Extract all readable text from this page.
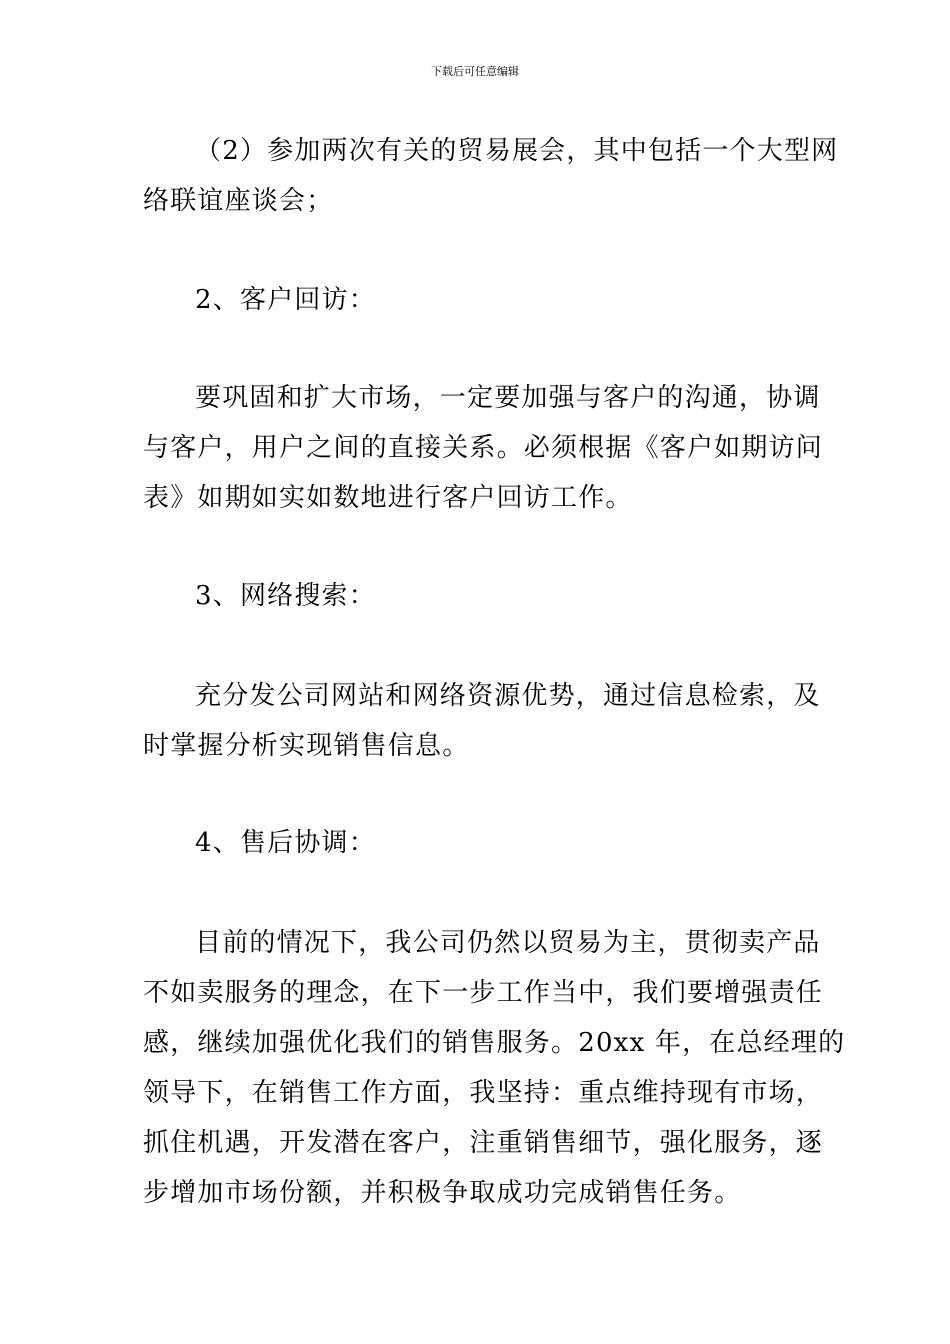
下载后可任意编辑
（2）参加两次有关的贸易展会，其中包括一个大型网
络联谊座谈会；
2、客户回访：
要巩固和扩大市场，一定要加强与客户的沟通，协调
与客户，用户之间的直接关系。必须根据《客户如期访问
表》如期如实如数地进行客户回访工作。
3、网络搜索：
充分发公司网站和网络资源优势，通过信息检索，及
时掌握分析实现销售信息。
4、售后协调：
目前的情况下，我公司仍然以贸易为主，贯彻卖产品
不如卖服务的理念，在下一步工作当中，我们要增强责任
感，继续加强优化我们的销售服务。20xx 年，在总经理的
领导下，在销售工作方面，我坚持：重点维持现有市场，
抓住机遇，开发潜在客户，注重销售细节，强化服务，逐
步增加市场份额，并积极争取成功完成销售任务。
